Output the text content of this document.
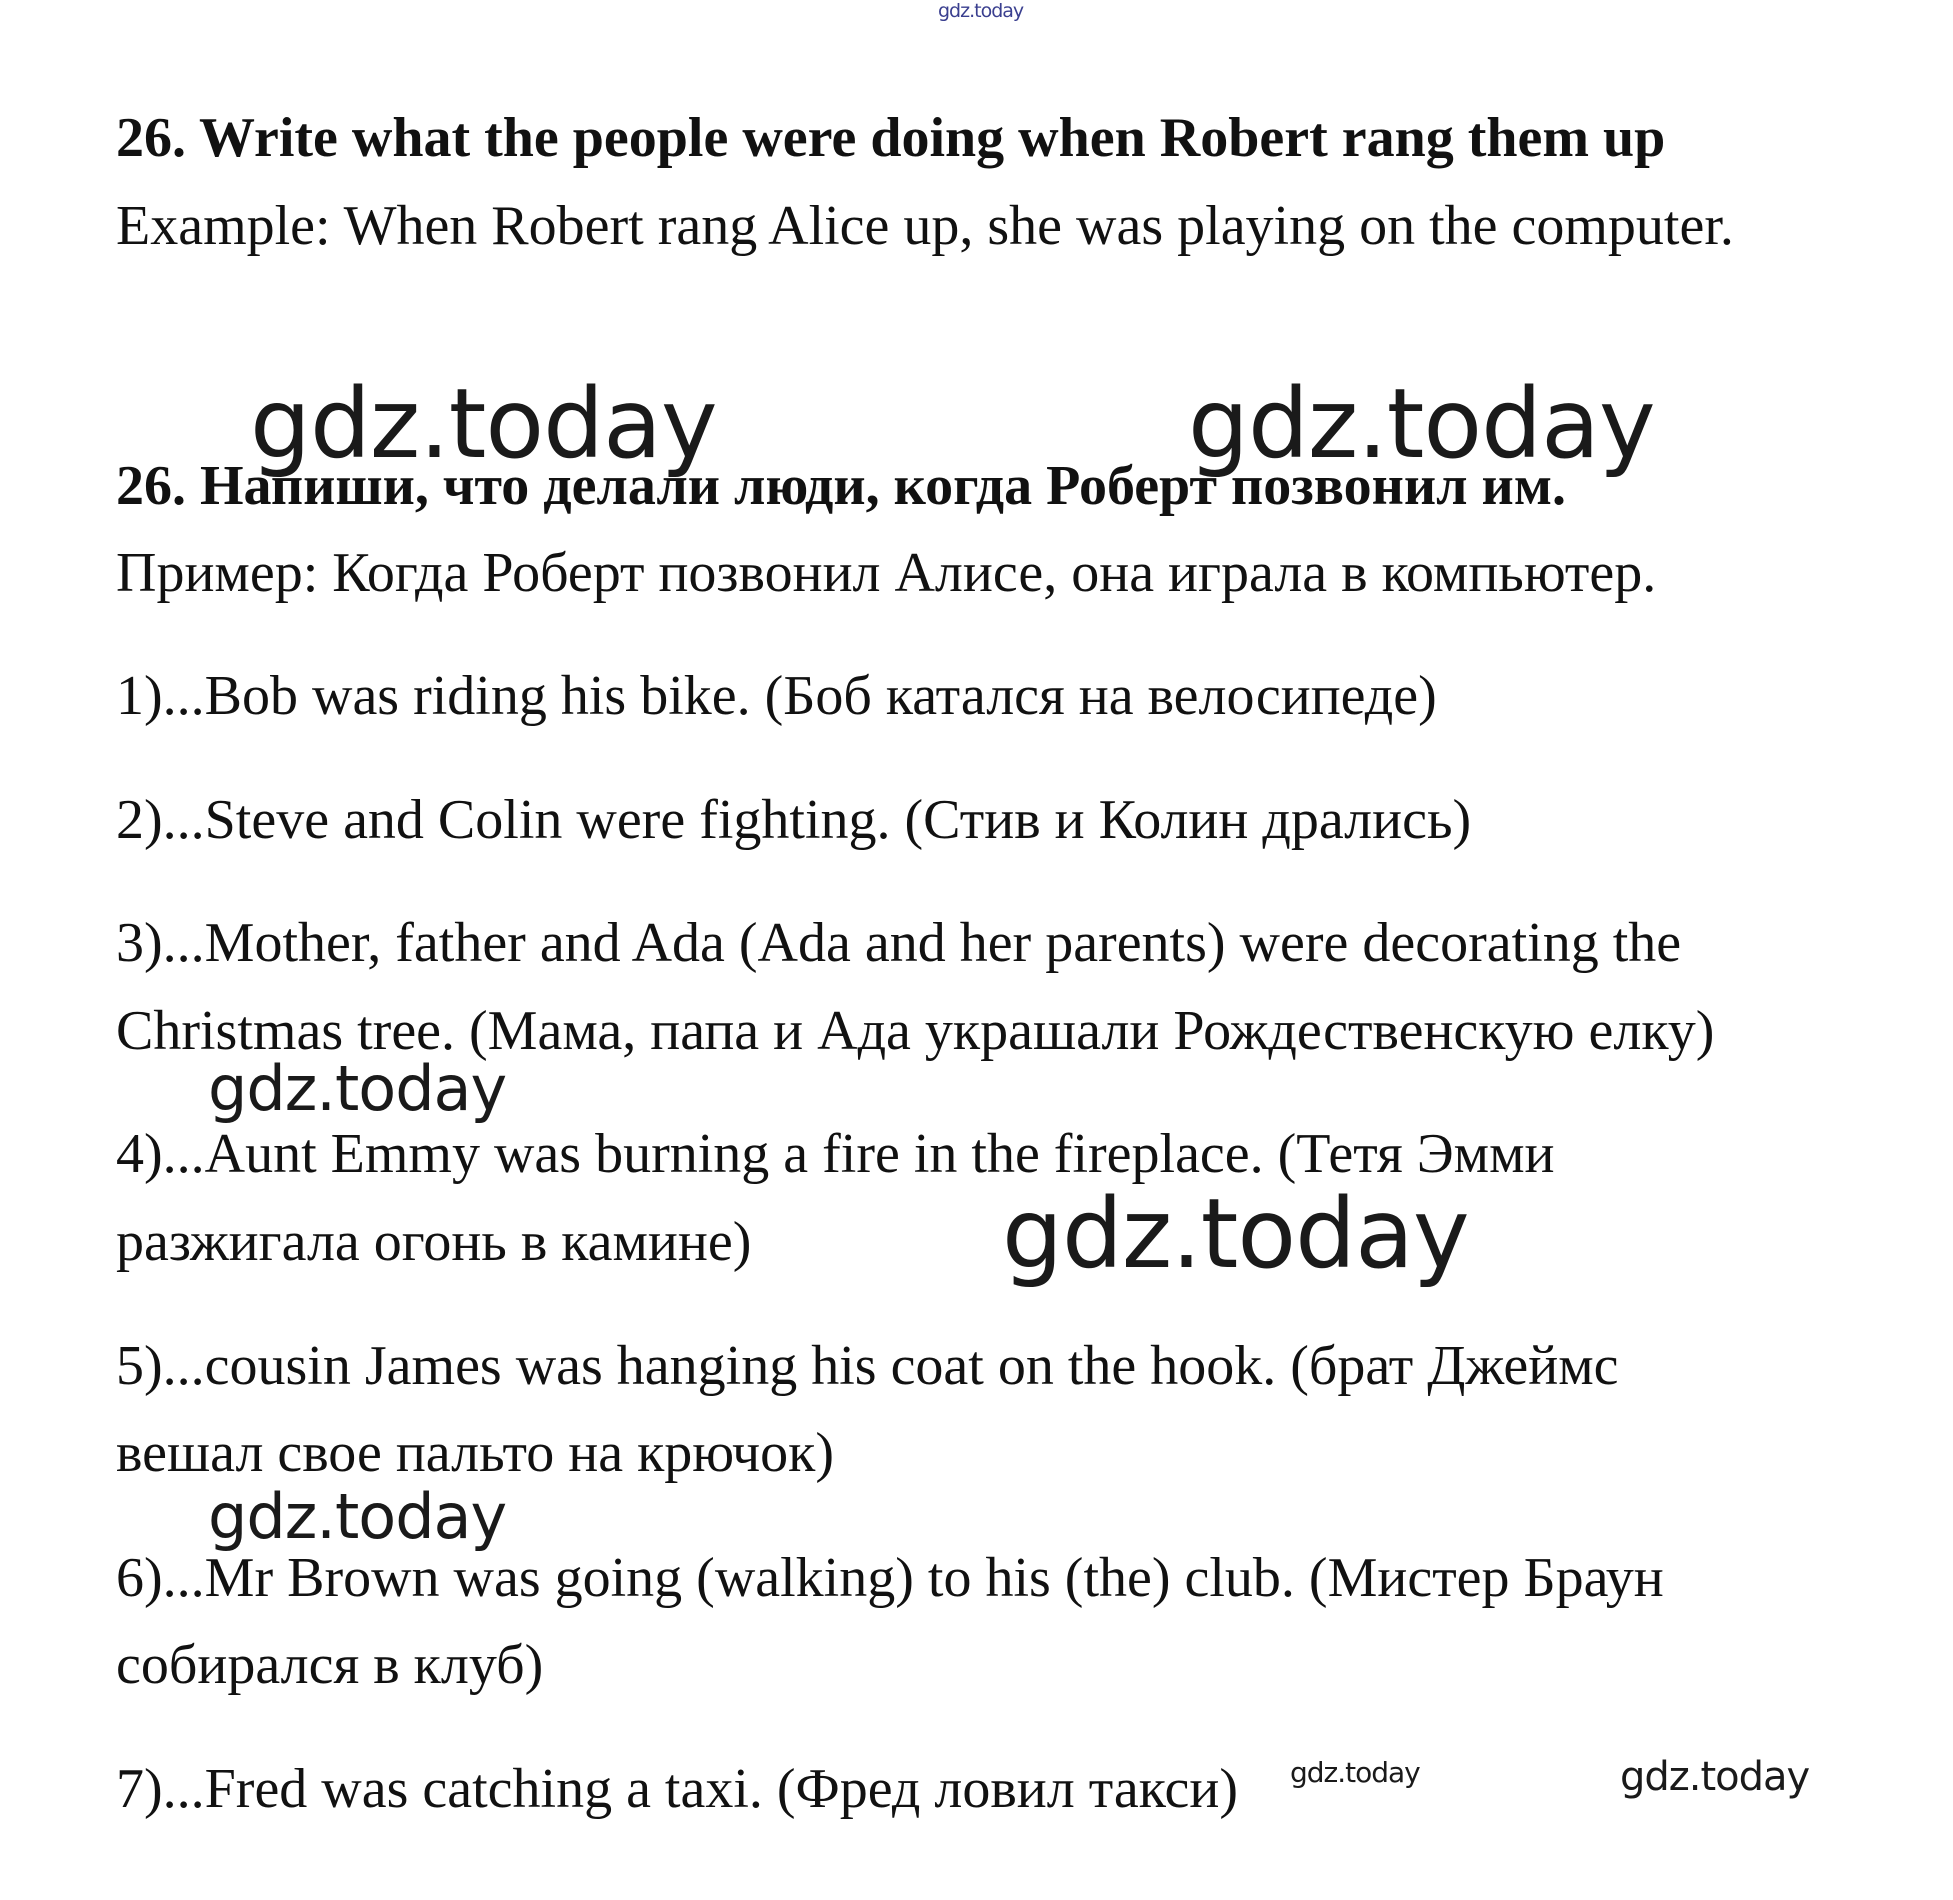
gdz.today
26. Write what the people were doing when Robert rang them up
Example: When Robert rang Alice up, she was playing on the computer.
gdz.today	gdz.today
26. Напиши, что делали люди, когда Роберт позвонил им.
Пример: Когда Роберт позвонил Алисе, она играла в компьютер.
1)...Bob was riding his bike. (Боб катался на велосипеде)
2)...Steve and Colin were fighting. (Стив и Колин дрались)
3)...Mother, father and Ada (Ada and her parents) were decorating the
Christmas tree. (Мама, папа и Ада украшали Рождественскую елку)
gdz.today
4)...Aunt Emmy was burning a fire in the fireplace. (Тетя Эмми
разжигала огонь в камине)	gdz.today
5)...cousin James was hanging his coat on the hook. (брат Джеймс
вешал свое пальто на крючок)
gdz.today
6)...Mr Brown was going (walking) to his (the) club. (Мистер Браун
собирался в клуб)
7)...Fred was catching a taxi. (Фред ловил такси) gdz.today	gdz.today
